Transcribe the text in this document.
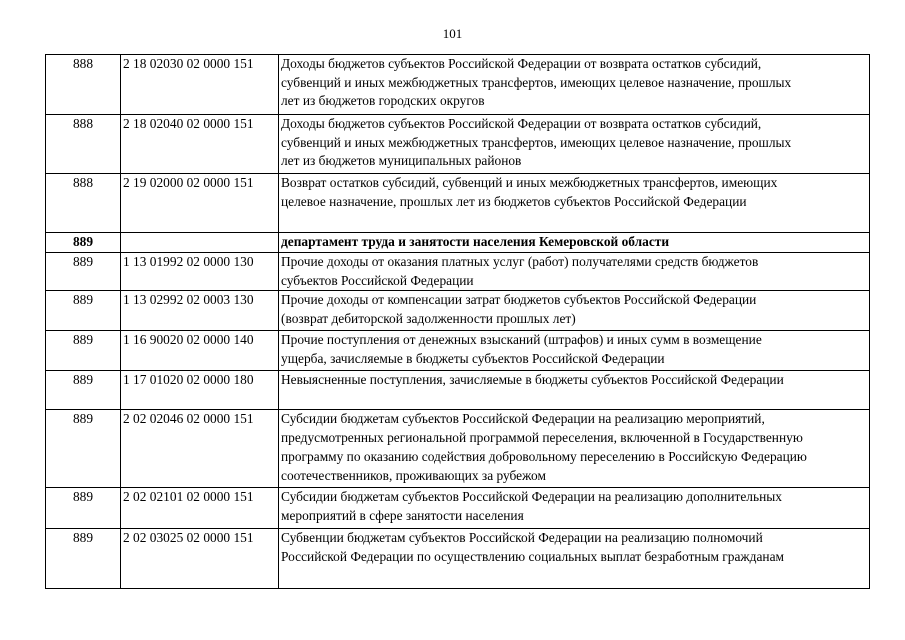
101
888	2 18 02030 02 0000 151	Доходы бюджетов субъектов Российской Федерации от возврата остатков субсидий,
субвенций и иных межбюджетных трансфертов, имеющих целевое назначение, прошлых
лет из бюджетов городских округов

888	2 18 02040 02 0000 151	Доходы бюджетов субъектов Российской Федерации от возврата остатков субсидий,
субвенций и иных межбюджетных трансфертов, имеющих целевое назначение, прошлых
лет из бюджетов муниципальных районов

888	2 19 02000 02 0000 151	Возврат остатков субсидий, субвенций и иных межбюджетных трансфертов, имеющих
целевое назначение, прошлых лет из бюджетов субъектов Российской Федерации

889		департамент труда и занятости населения Кемеровской области

889	1 13 01992 02 0000 130	Прочие доходы от оказания платных услуг (работ) получателями средств бюджетов
субъектов Российской Федерации

889	1 13 02992 02 0003 130	Прочие доходы от компенсации затрат бюджетов субъектов Российской Федерации
(возврат дебиторской задолженности прошлых лет)

889	1 16 90020 02 0000 140	Прочие поступления от денежных взысканий (штрафов) и иных сумм в возмещение
ущерба, зачисляемые в бюджеты субъектов Российской Федерации

889	1 17 01020 02 0000 180	Невыясненные поступления, зачисляемые в бюджеты субъектов Российской Федерации

889	2 02 02046 02 0000 151	Субсидии бюджетам субъектов Российской Федерации на реализацию мероприятий,
предусмотренных региональной программой переселения, включенной в Государственную
программу по оказанию содействия добровольному переселению в Российскую Федерацию
соотечественников, проживающих за рубежом

889	2 02 02101 02 0000 151	Субсидии бюджетам субъектов Российской Федерации на реализацию дополнительных
мероприятий в сфере занятости населения

889	2 02 03025 02 0000 151	Субвенции бюджетам субъектов Российской Федерации на реализацию полномочий
Российской Федерации по осуществлению социальных выплат безработным гражданам
